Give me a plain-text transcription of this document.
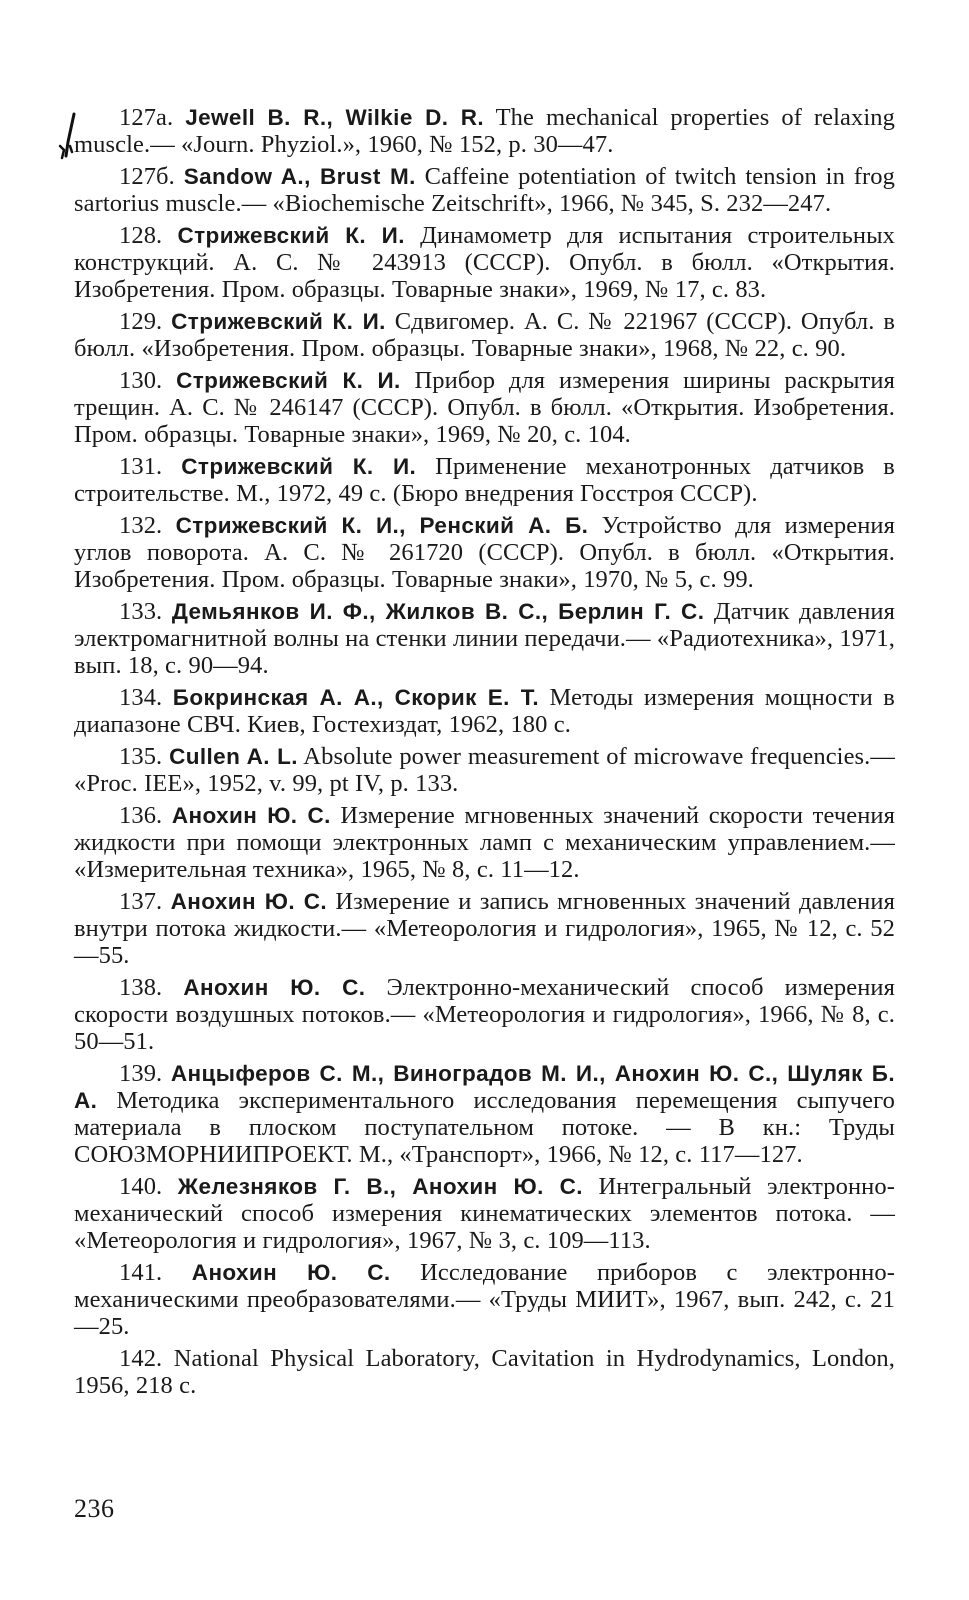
127а. Jewell B. R., Wilkie D. R. The mechanical properties of relaxing muscle.— «Journ. Phyziol.», 1960, № 152, p. 30—47.

127б. Sandow A., Brust M. Caffeine potentiation of twitch tension in frog sartorius muscle.— «Biochemische Zeitschrift», 1966, № 345, S. 232—247.

128. Стрижевский К. И. Динамометр для испытания строительных конструкций. А. С. № 243913 (СССР). Опубл. в бюлл. «Открытия. Изобретения. Пром. образцы. Товарные знаки», 1969, № 17, с. 83.

129. Стрижевский К. И. Сдвигомер. А. С. № 221967 (СССР). Опубл. в бюлл. «Изобретения. Пром. образцы. Товарные знаки», 1968, № 22, с. 90.

130. Стрижевский К. И. Прибор для измерения ширины раскрытия трещин. А. С. № 246147 (СССР). Опубл. в бюлл. «Открытия. Изобретения. Пром. образцы. Товарные знаки», 1969, № 20, с. 104.

131. Стрижевский К. И. Применение механотронных датчиков в строительстве. М., 1972, 49 с. (Бюро внедрения Госстроя СССР).

132. Стрижевский К. И., Ренский А. Б. Устройство для измерения углов поворота. А. С. № 261720 (СССР). Опубл. в бюлл. «Открытия. Изобретения. Пром. образцы. Товарные знаки», 1970, № 5, с. 99.

133. Демьянков И. Ф., Жилков В. С., Берлин Г. С. Датчик давления электромагнитной волны на стенки линии передачи.— «Радиотехника», 1971, вып. 18, с. 90—94.

134. Бокринская А. А., Скорик Е. Т. Методы измерения мощности в диапазоне СВЧ. Киев, Гостехиздат, 1962, 180 с.

135. Cullen A. L. Absolute power measurement of microwave frequencies.— «Proc. IEE», 1952, v. 99, pt IV, p. 133.

136. Анохин Ю. С. Измерение мгновенных значений скорости течения жидкости при помощи электронных ламп с механическим управлением.— «Измерительная техника», 1965, № 8, с. 11—12.

137. Анохин Ю. С. Измерение и запись мгновенных значений давления внутри потока жидкости.— «Метеорология и гидрология», 1965, № 12, с. 52—55.

138. Анохин Ю. С. Электронно-механический способ измерения скорости воздушных потоков.— «Метеорология и гидрология», 1966, № 8, с. 50—51.

139. Анцыферов С. М., Виноградов М. И., Анохин Ю. С., Шуляк Б. А. Методика экспериментального исследования перемещения сыпучего материала в плоском поступательном потоке. — В кн.: Труды СОЮЗМОРНИИПРОЕКТ. М., «Транспорт», 1966, № 12, с. 117—127.

140. Железняков Г. В., Анохин Ю. С. Интегральный электронно-механический способ измерения кинематических элементов потока. — «Метеорология и гидрология», 1967, № 3, с. 109—113.

141. Анохин Ю. С. Исследование приборов с электронно-механическими преобразователями.— «Труды МИИТ», 1967, вып. 242, с. 21—25.

142. National Physical Laboratory, Cavitation in Hydrodynamics, London, 1956, 218 с.

236
